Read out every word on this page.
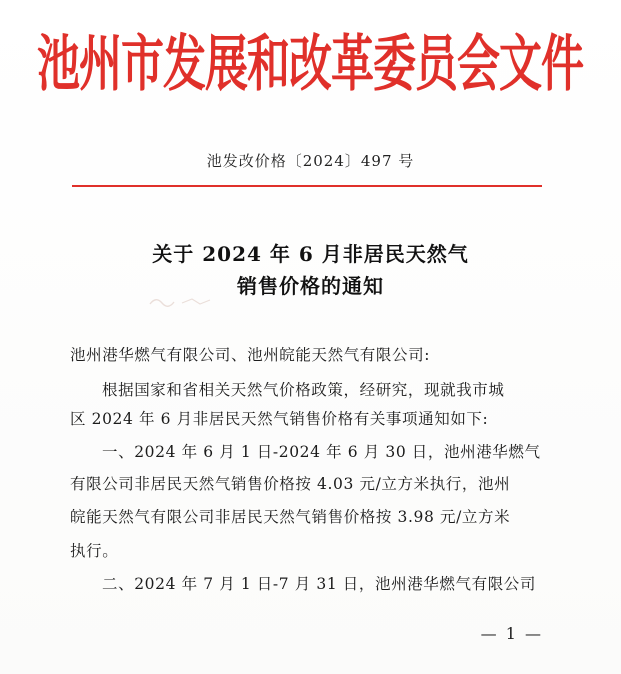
池州市发展和改革委员会文件
池发改价格〔2024〕497 号
关于 2024 年 6 月非居民天然气
销售价格的通知
池州港华燃气有限公司、池州皖能天然气有限公司:
根据国家和省相关天然气价格政策，经研究，现就我市城
区 2024 年 6 月非居民天然气销售价格有关事项通知如下:
一、2024 年 6 月 1 日-2024 年 6 月 30 日，池州港华燃气
有限公司非居民天然气销售价格按 4.03 元/立方米执行，池州
皖能天然气有限公司非居民天然气销售价格按 3.98 元/立方米
执行。
二、2024 年 7 月 1 日-7 月 31 日，池州港华燃气有限公司
— 1 —
